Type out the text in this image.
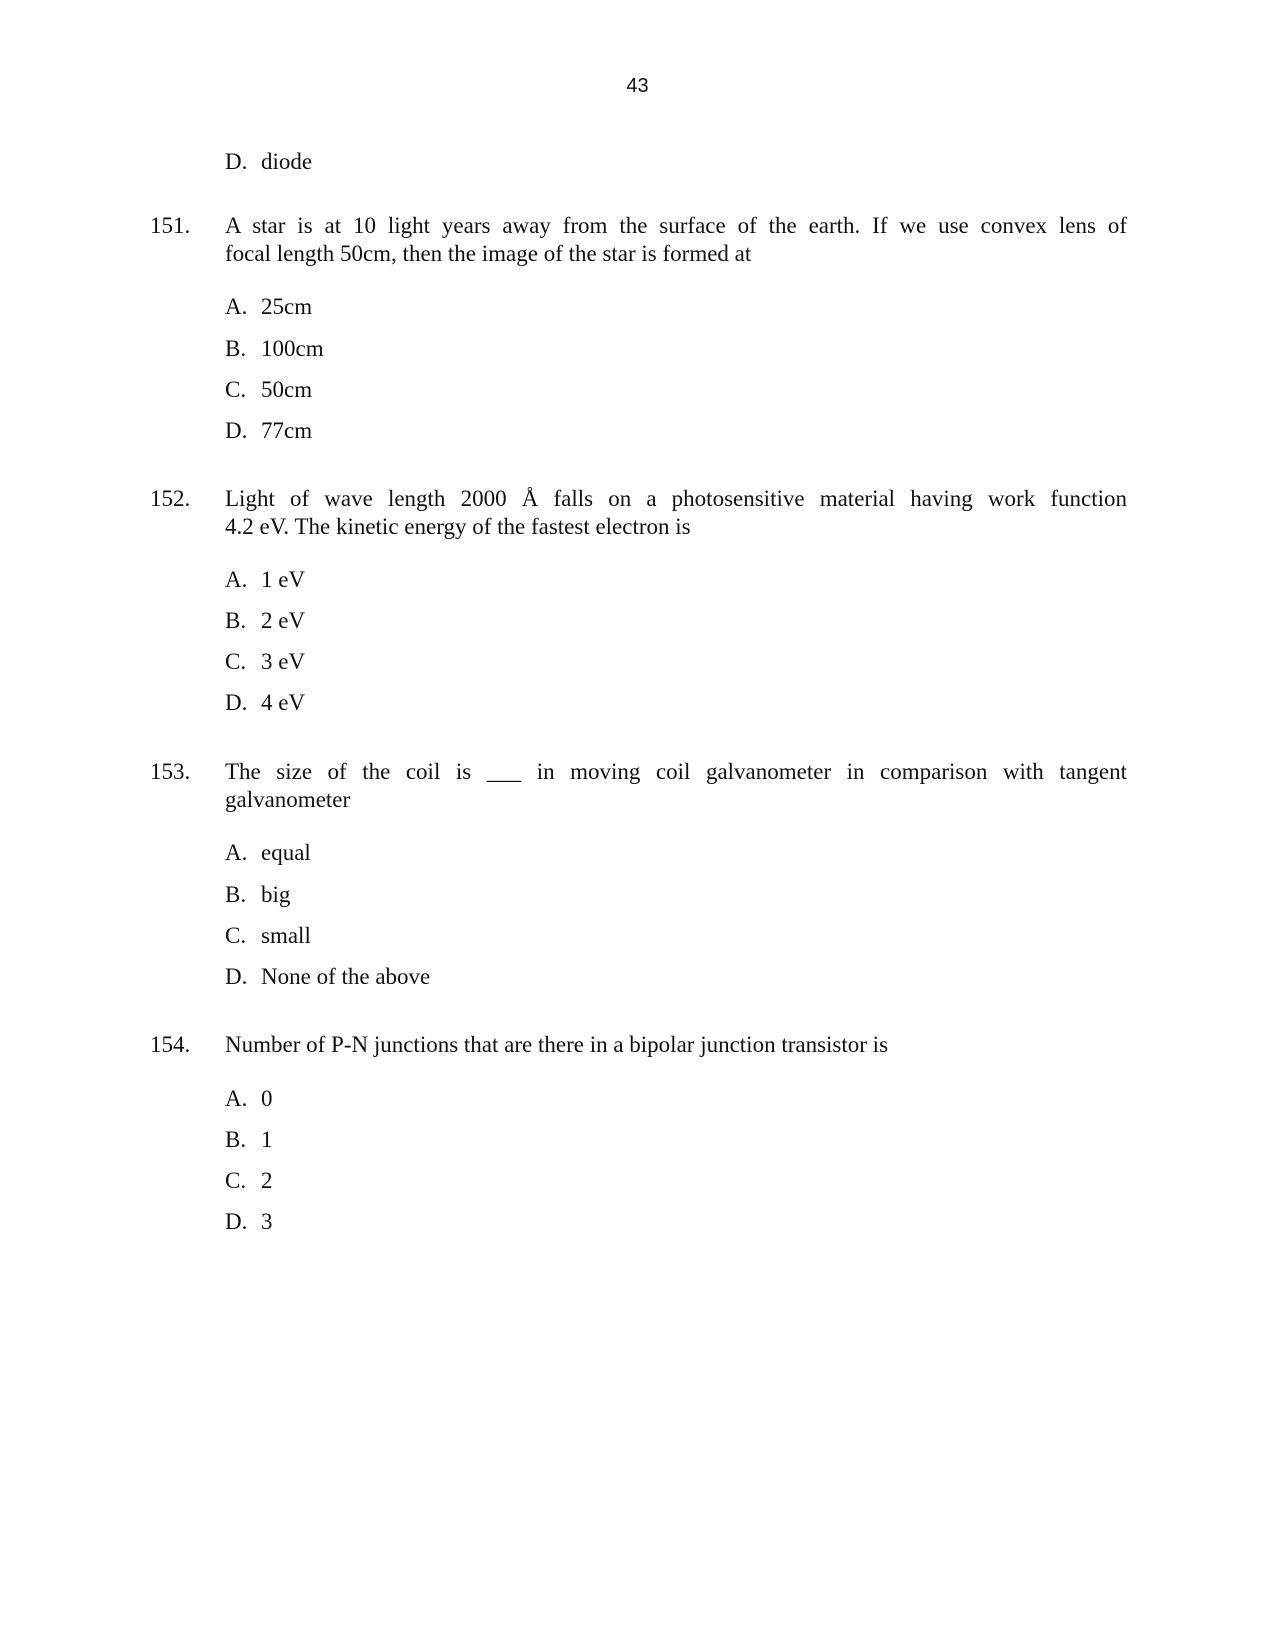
43
D. diode
151. A star is at 10 light years away from the surface of the earth. If we use convex lens of
focal length 50cm, then the image of the star is formed at
A. 25cm
B. 100cm
C. 50cm
D. 77cm
152. Light of wave length 2000 Å falls on a photosensitive material having work function
4.2 eV. The kinetic energy of the fastest electron is
A. 1 eV
B. 2 eV
C. 3 eV
D. 4 eV
153. The size of the coil is ___ in moving coil galvanometer in comparison with tangent
galvanometer
A. equal
B. big
C. small
D. None of the above
154. Number of P-N junctions that are there in a bipolar junction transistor is
A. 0
B. 1
C. 2
D. 3
